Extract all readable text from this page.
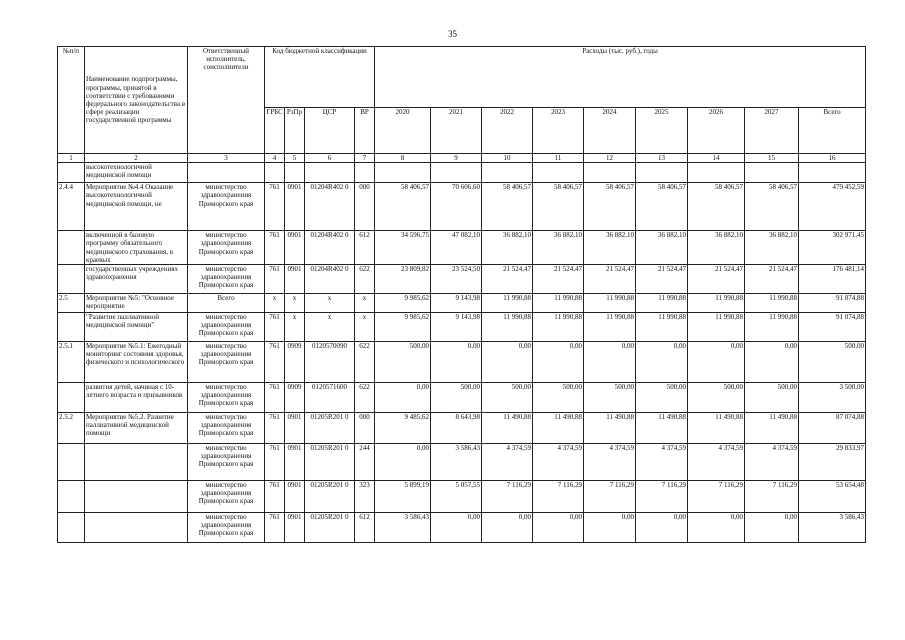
35
№п/п	Наименование подпрограммы, программы, принятой в соответствии с требованиями федерального законодательства в сфере реализации государственной программы	Ответственный исполнитель, соисполнители	Код бюджетной классификации				Расходы (тыс. руб.), годы								
			ГРБС	РзПр	ЦСР	ВР	2020	2021	2022	2023	2024	2025	2026	2027	Всего
1	2	3	4	5	6	7	8	9	10	11	12	13	14	15	16
	высокотехнологичной медицинской помощи														
2.4.4	Мероприятие №4.4 Оказание высокотехнологичной медицинской помощи, не	министерство здравоохранения Приморского края	761	0901	01204R402 0	000	58 406,57	70 606,60	58 406,57	58 406,57	58 406,57	58 406,57	58 406,57	58 406,57	479 452,59
	включенной в базовую программу обязательного медицинского страхования, в краевых	министерство здравоохранения Приморского края	761	0901	01204R402 0	612	34 596,75	47 082,10	36 882,10	36 882,10	36 882,10	36 882,10	36 882,10	36 882,10	302 971,45
	государственных учреждениях здравоохранения	министерство здравоохранения Приморского края	761	0901	01204R402 0	622	23 809,82	23 524,50	21 524,47	21 524,47	21 524,47	21 524,47	21 524,47	21 524,47	176 481,14
2.5	Мероприятие №5: "Основное мероприятие	Всего	x	x	x	x	9 985,62	9 143,98	11 990,88	11 990,88	11 990,88	11 990,88	11 990,88	11 990,88	91 074,88
	"Развитие паллиативной медицинской помощи"	министерство здравоохранения Приморского края	761	x	x	x	9 985,62	9 143,98	11 990,88	11 990,88	11 990,88	11 990,88	11 990,88	11 990,88	91 074,88
2.5.1	Мероприятие №5.1: Ежегодный мониторинг состояния здоровья, физического и психологического	министерство здравоохранения Приморского края	761	0909	0120570090	622	500,00	0,00	0,00	0,00	0,00	0,00	0,00	0,00	500,00
	развития детей, начиная с 10-летнего возраста и призывников	министерство здравоохранения Приморского края	761	0909	0120571600	622	0,00	500,00	500,00	500,00	500,00	500,00	500,00	500,00	3 500,00
2.5.2	Мероприятие №5.2. Развитие паллиативной медицинской помощи	министерство здравоохранения Приморского края	761	0901	01205R201 0	000	9 485,62	8 643,98	11 490,88	11 490,88	11 490,88	11 490,88	11 490,88	11 490,88	87 074,88
		министерство здравоохранения Приморского края	761	0901	01205R201 0	244	0,00	3 586,43	4 374,59	4 374,59	4 374,59	4 374,59	4 374,59	4 374,59	29 833,97
		министерство здравоохранения Приморского края	761	0901	01205R201 0	323	5 899,19	5 057,55	7 116,29	7 116,29	7 116,29	7 116,29	7 116,29	7 116,29	53 654,48
		министерство здравоохранения Приморского края	761	0901	01205R201 0	612	3 586,43	0,00	0,00	0,00	0,00	0,00	0,00	0,00	3 586,43
